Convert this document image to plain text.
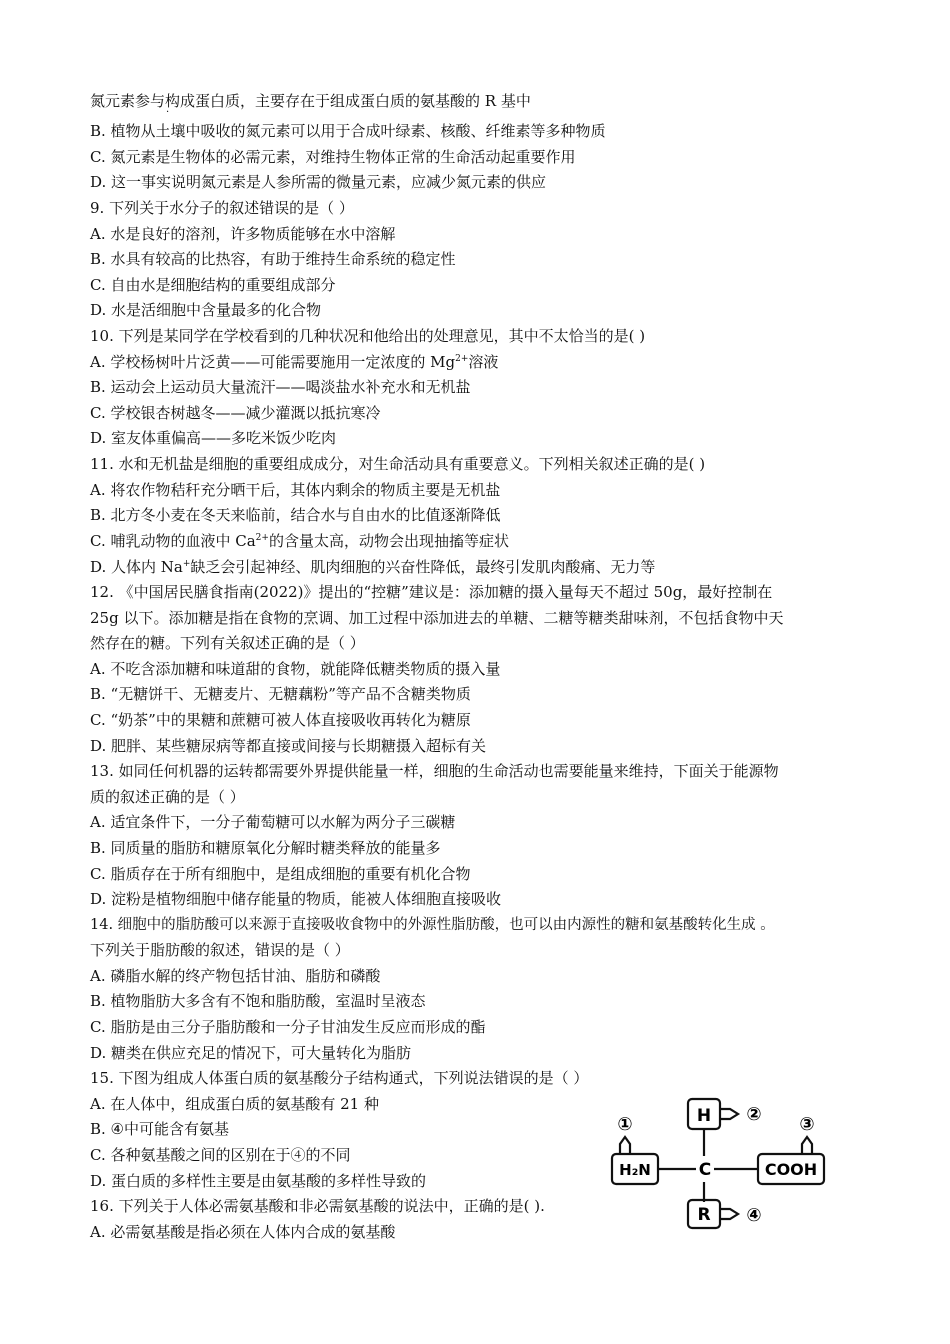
氮元素参与构成蛋白质，主要存在于组成蛋白质的氨基酸的 R 基中
·
B. 植物从土壤中吸收的氮元素可以用于合成叶绿素、核酸、纤维素等多种物质
C. 氮元素是生物体的必需元素，对维持生物体正常的生命活动起重要作用
D. 这一事实说明氮元素是人参所需的微量元素，应减少氮元素的供应
9. 下列关于水分子的叙述错误的是（ ）
A. 水是良好的溶剂，许多物质能够在水中溶解
B. 水具有较高的比热容，有助于维持生命系统的稳定性
C. 自由水是细胞结构的重要组成部分
D. 水是活细胞中含量最多的化合物
10. 下列是某同学在学校看到的几种状况和他给出的处理意见，其中不太恰当的是( )
A. 学校杨树叶片泛黄——可能需要施用一定浓度的 $Mg^{2+}$溶液
B. 运动会上运动员大量流汗——喝淡盐水补充水和无机盐
C. 学校银杏树越冬——减少灌溉以抵抗寒冷
D. 室友体重偏高——多吃米饭少吃肉
11. 水和无机盐是细胞的重要组成成分，对生命活动具有重要意义。下列相关叙述正确的是( )
A. 将农作物秸秆充分晒干后，其体内剩余的物质主要是无机盐
B. 北方冬小麦在冬天来临前，结合水与自由水的比值逐渐降低
C. 哺乳动物的血液中 $Ca^{2+}$的含量太高，动物会出现抽搐等症状
D. 人体内 Na+缺乏会引起神经、肌肉细胞的兴奋性降低，最终引发肌肉酸痛、无力等
12. 《中国居民膳食指南(2022)》提出的“控糖”建议是：添加糖的摄入量每天不超过 50g，最好控制在
25g 以下。添加糖是指在食物的烹调、加工过程中添加进去的单糖、二糖等糖类甜味剂，不包括食物中天
然存在的糖。下列有关叙述正确的是（ ）
A. 不吃含添加糖和味道甜的食物，就能降低糖类物质的摄入量
B. “无糖饼干、无糖麦片、无糖藕粉”等产品不含糖类物质
C. “奶茶”中的果糖和蔗糖可被人体直接吸收再转化为糖原
D. 肥胖、某些糖尿病等都直接或间接与长期糖摄入超标有关
13. 如同任何机器的运转都需要外界提供能量一样，细胞的生命活动也需要能量来维持，下面关于能源物
质的叙述正确的是（ ）
A. 适宜条件下，一分子葡萄糖可以水解为两分子三碳糖
B. 同质量的脂肪和糖原氧化分解时糖类释放的能量多
C. 脂质存在于所有细胞中，是组成细胞的重要有机化合物
D. 淀粉是植物细胞中储存能量的物质，能被人体细胞直接吸收
14. 细胞中的脂肪酸可以来源于直接吸收食物中的外源性脂肪酸，也可以由内源性的糖和氨基酸转化生成 。
下列关于脂肪酸的叙述，错误的是（ ）
A. 磷脂水解的终产物包括甘油、脂肪和磷酸
B. 植物脂肪大多含有不饱和脂肪酸，室温时呈液态
C. 脂肪是由三分子脂肪酸和一分子甘油发生反应而形成的酯
D. 糖类在供应充足的情况下，可大量转化为脂肪
15. 下图为组成人体蛋白质的氨基酸分子结构通式，下列说法错误的是（ ）
A. 在人体中，组成蛋白质的氨基酸有 21 种
B. ④中可能含有氨基
C. 各种氨基酸之间的区别在于④的不同
D. 蛋白质的多样性主要是由氨基酸的多样性导致的
16. 下列关于人体必需氨基酸和非必需氨基酸的说法中，正确的是( ).
A. 必需氨基酸是指必须在人体内合成的氨基酸
H
H₂N	C	COOH
R
①	② ③
④
